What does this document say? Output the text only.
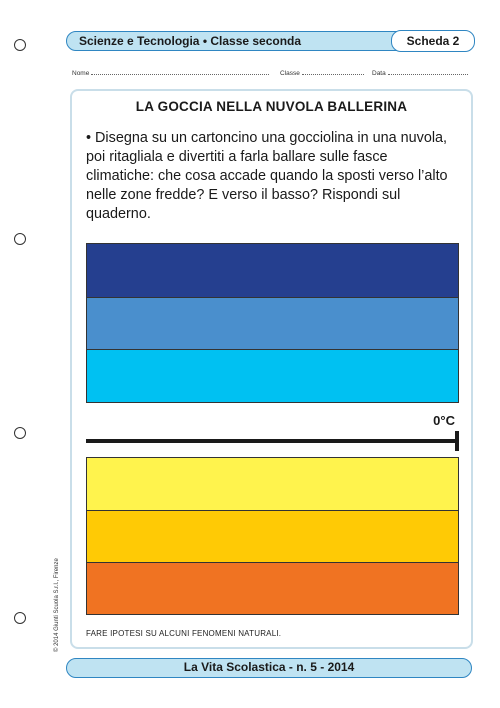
Scienze e Tecnologia • Classe seconda	Scheda 2
Nome	Classe	Data
LA GOCCIA NELLA NUVOLA BALLERINA
• Disegna su un cartoncino una gocciolina in una nuvola, poi ritagliala e divertiti a farla ballare sulle fasce climatiche: che cosa accade quando la sposti verso l’alto nelle zone fredde? E verso il basso? Rispondi sul quaderno.
0°C
FARE IPOTESI SU ALCUNI FENOMENI NATURALI.
© 2014 Giunti Scuola S.r.l., Firenze
La Vita Scolastica - n. 5 - 2014
